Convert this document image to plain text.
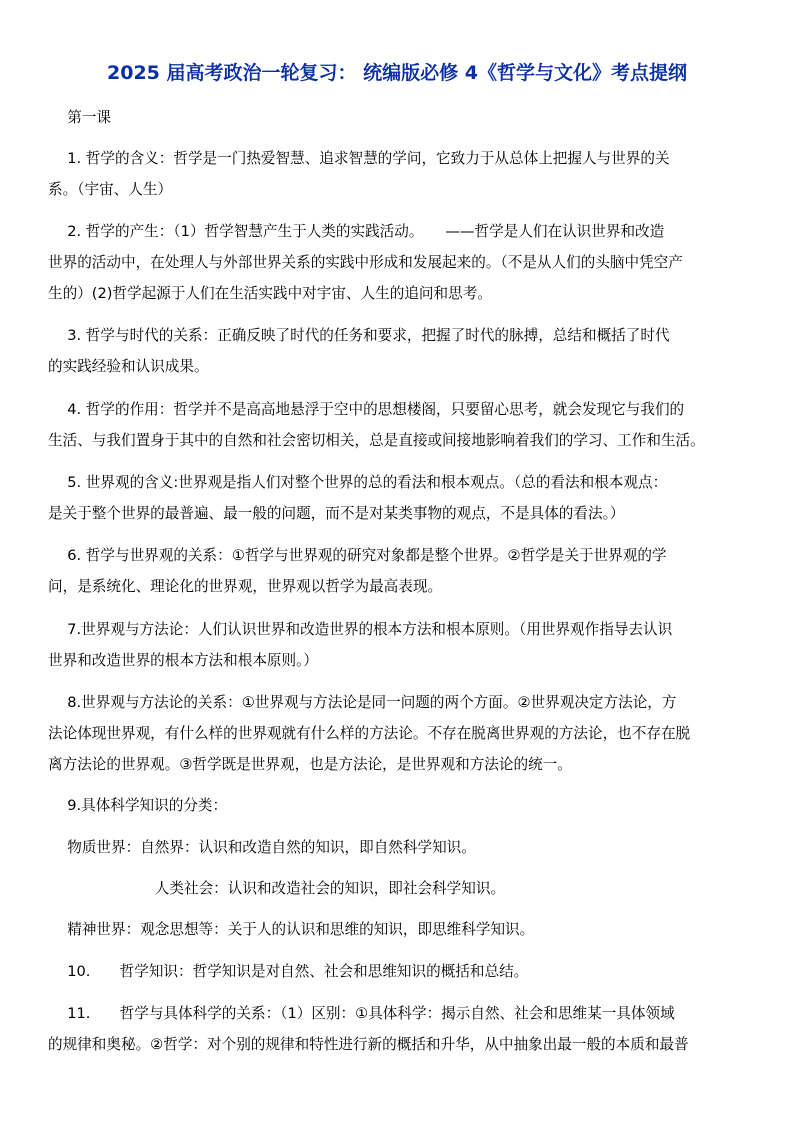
2025 届高考政治一轮复习： 统编版必修 4《哲学与文化》考点提纲
　 第一课
　 1. 哲学的含义：哲学是一门热爱智慧、追求智慧的学问，它致力于从总体上把握人与世界的关
系。（宇宙、人生）
　 2. 哲学的产生：（1）哲学智慧产生于人类的实践活动。　　——哲学是人们在认识世界和改造
世界的活动中，在处理人与外部世界关系的实践中形成和发展起来的。（不是从人们的头脑中凭空产
生的）(2)哲学起源于人们在生活实践中对宇宙、人生的追问和思考。
　 3. 哲学与时代的关系：正确反映了时代的任务和要求，把握了时代的脉搏，总结和概括了时代
的实践经验和认识成果。
　 4. 哲学的作用：哲学并不是高高地悬浮于空中的思想楼阁，只要留心思考，就会发现它与我们的
生活、与我们置身于其中的自然和社会密切相关，总是直接或间接地影响着我们的学习、工作和生活。
　 5. 世界观的含义:世界观是指人们对整个世界的总的看法和根本观点。（总的看法和根本观点：
是关于整个世界的最普遍、最一般的问题，而不是对某类事物的观点，不是具体的看法。）
　 6. 哲学与世界观的关系：①哲学与世界观的研究对象都是整个世界。②哲学是关于世界观的学
问，是系统化、理论化的世界观，世界观以哲学为最高表现。
　 7.世界观与方法论：人们认识世界和改造世界的根本方法和根本原则。（用世界观作指导去认识
世界和改造世界的根本方法和根本原则。）
　 8.世界观与方法论的关系：①世界观与方法论是同一问题的两个方面。②世界观决定方法论，方
法论体现世界观，有什么样的世界观就有什么样的方法论。不存在脱离世界观的方法论，也不存在脱
离方法论的世界观。③哲学既是世界观，也是方法论，是世界观和方法论的统一。
　 9.具体科学知识的分类：
　 物质世界：自然界：认识和改造自然的知识，即自然科学知识。
　　　　　　　 人类社会：认识和改造社会的知识，即社会科学知识。
　 精神世界：观念思想等：关于人的认识和思维的知识，即思维科学知识。
　 10.　　哲学知识：哲学知识是对自然、社会和思维知识的概括和总结。
　 11.　　哲学与具体科学的关系：（1）区别：①具体科学：揭示自然、社会和思维某一具体领域
的规律和奥秘。②哲学：对个别的规律和特性进行新的概括和升华，从中抽象出最一般的本质和最普
